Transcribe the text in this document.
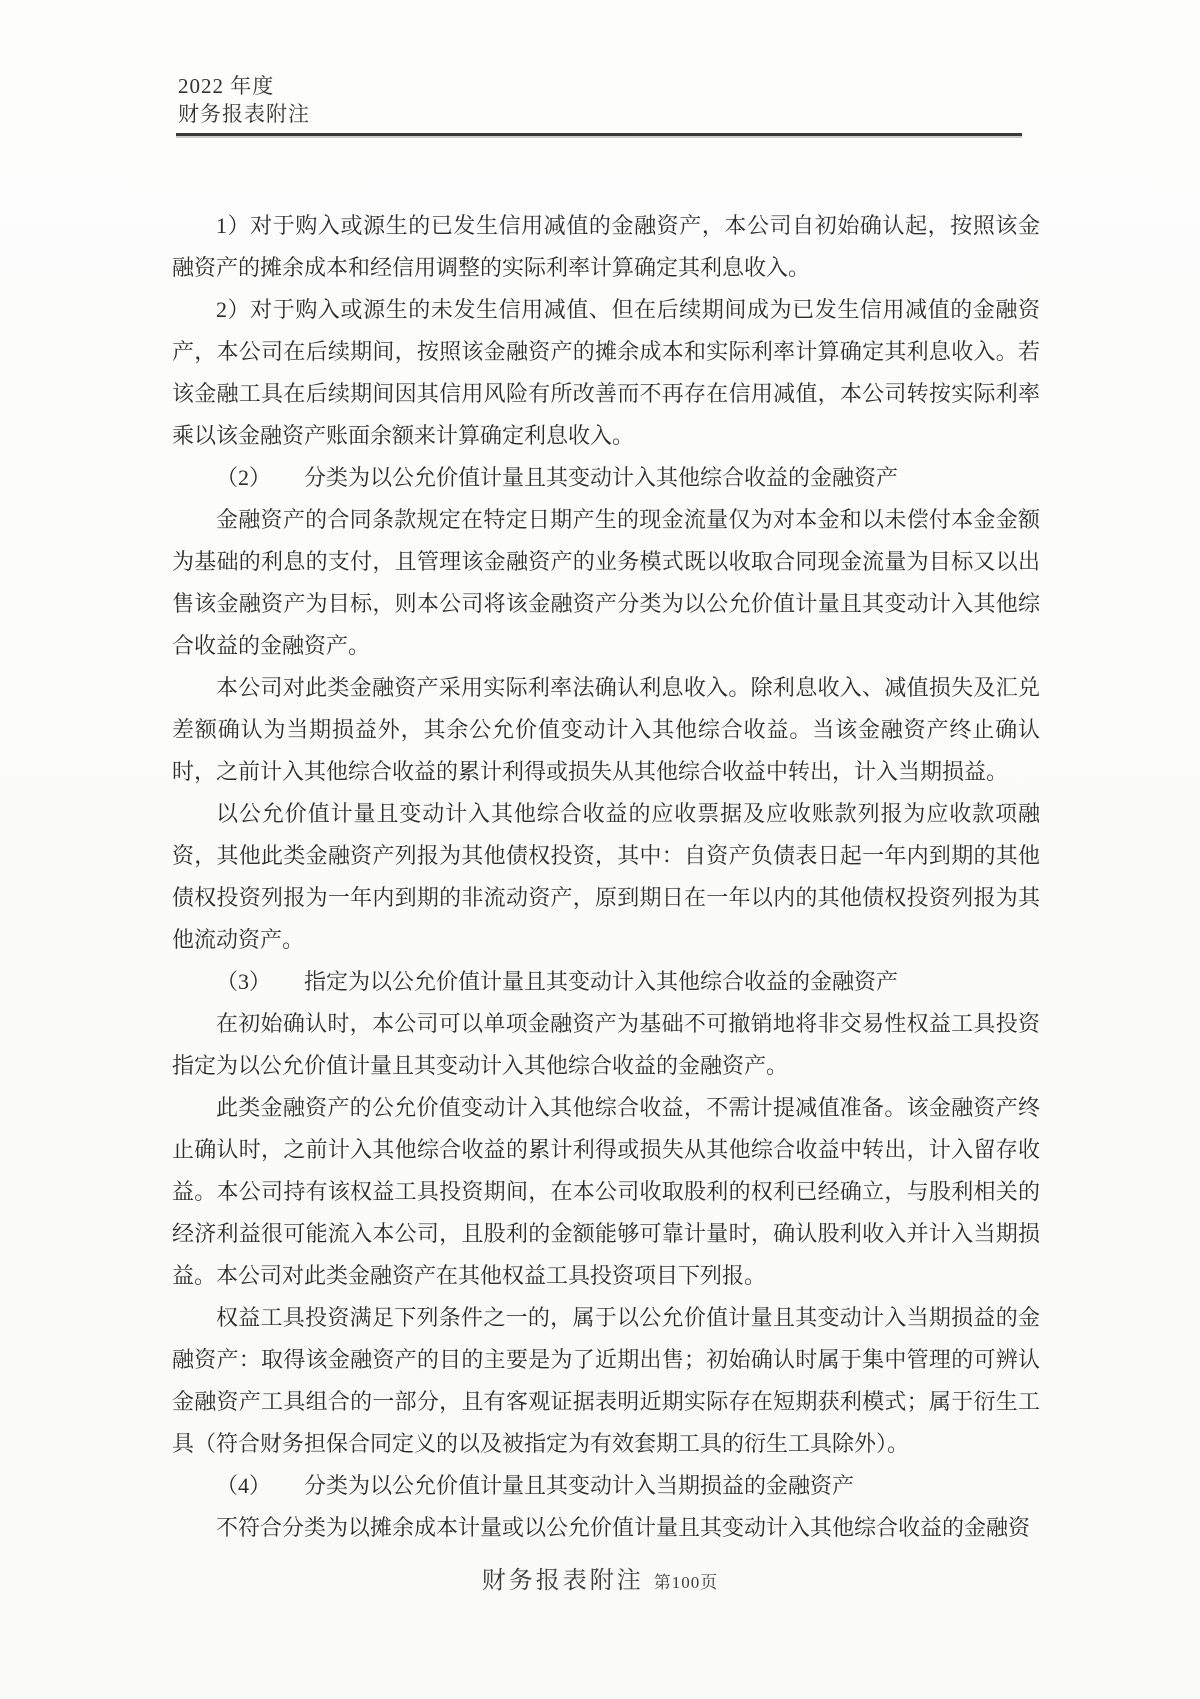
2022 年度
财务报表附注

1）对于购入或源生的已发生信用减值的金融资产，本公司自初始确认起，按照该金融资产的摊余成本和经信用调整的实际利率计算确定其利息收入。

2）对于购入或源生的未发生信用减值、但在后续期间成为已发生信用减值的金融资产，本公司在后续期间，按照该金融资产的摊余成本和实际利率计算确定其利息收入。若该金融工具在后续期间因其信用风险有所改善而不再存在信用减值，本公司转按实际利率乘以该金融资产账面余额来计算确定利息收入。

（2）　　分类为以公允价值计量且其变动计入其他综合收益的金融资产

金融资产的合同条款规定在特定日期产生的现金流量仅为对本金和以未偿付本金金额为基础的利息的支付，且管理该金融资产的业务模式既以收取合同现金流量为目标又以出售该金融资产为目标，则本公司将该金融资产分类为以公允价值计量且其变动计入其他综合收益的金融资产。

本公司对此类金融资产采用实际利率法确认利息收入。除利息收入、减值损失及汇兑差额确认为当期损益外，其余公允价值变动计入其他综合收益。当该金融资产终止确认时，之前计入其他综合收益的累计利得或损失从其他综合收益中转出，计入当期损益。

以公允价值计量且变动计入其他综合收益的应收票据及应收账款列报为应收款项融资，其他此类金融资产列报为其他债权投资，其中：自资产负债表日起一年内到期的其他债权投资列报为一年内到期的非流动资产，原到期日在一年以内的其他债权投资列报为其他流动资产。

（3）　　指定为以公允价值计量且其变动计入其他综合收益的金融资产

在初始确认时，本公司可以单项金融资产为基础不可撤销地将非交易性权益工具投资指定为以公允价值计量且其变动计入其他综合收益的金融资产。

此类金融资产的公允价值变动计入其他综合收益，不需计提减值准备。该金融资产终止确认时，之前计入其他综合收益的累计利得或损失从其他综合收益中转出，计入留存收益。本公司持有该权益工具投资期间，在本公司收取股利的权利已经确立，与股利相关的经济利益很可能流入本公司，且股利的金额能够可靠计量时，确认股利收入并计入当期损益。本公司对此类金融资产在其他权益工具投资项目下列报。

权益工具投资满足下列条件之一的，属于以公允价值计量且其变动计入当期损益的金融资产：取得该金融资产的目的主要是为了近期出售；初始确认时属于集中管理的可辨认金融资产工具组合的一部分，且有客观证据表明近期实际存在短期获利模式；属于衍生工具（符合财务担保合同定义的以及被指定为有效套期工具的衍生工具除外）。

（4）　　分类为以公允价值计量且其变动计入当期损益的金融资产

不符合分类为以摊余成本计量或以公允价值计量且其变动计入其他综合收益的金融资

财务报表附注 第100页
